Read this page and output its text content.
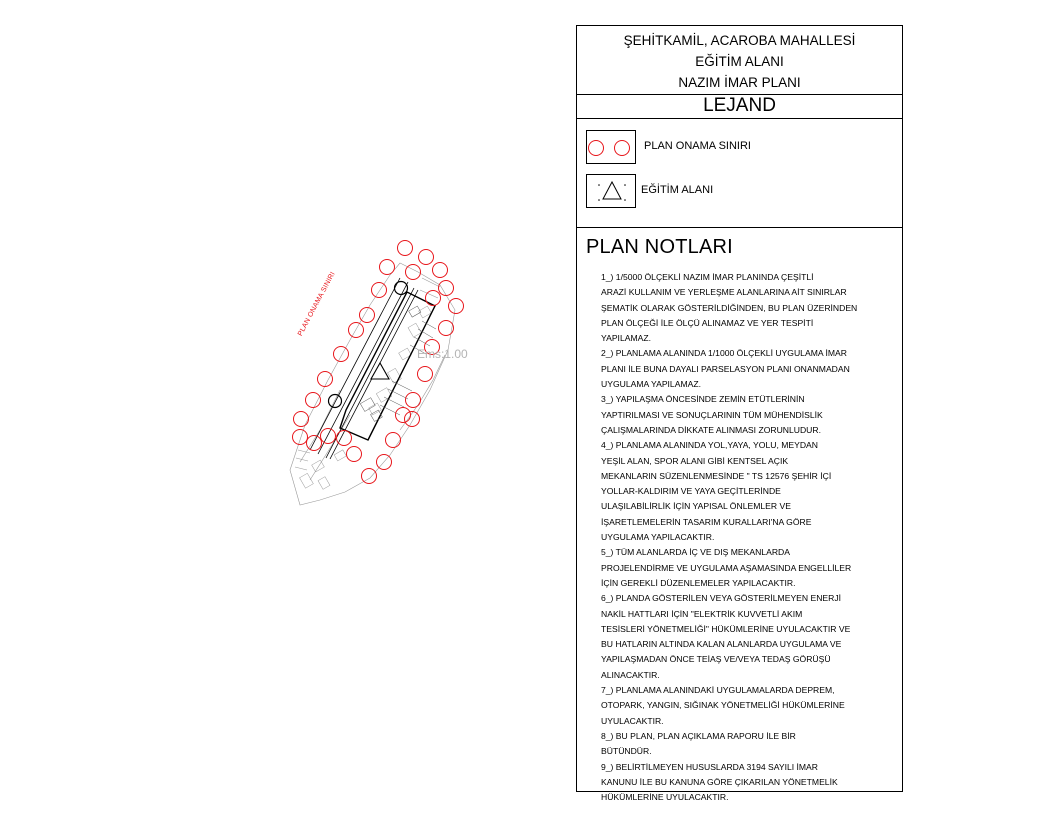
PLAN ONAMA SINIRI
Ems:1.00
ŞEHİTKAMİL, ACAROBA MAHALLESİ
EĞİTİM ALANI
NAZIM İMAR PLANI
LEJAND
PLAN ONAMA SINIRI
EĞİTİM ALANI
PLAN NOTLARI
1_) 1/5000 ÖLÇEKLİ NAZIM İMAR PLANINDA ÇEŞİTLİ
ARAZİ KULLANIM VE YERLEŞME ALANLARINA AİT SINIRLAR
ŞEMATİK OLARAK GÖSTERİLDİĞİNDEN, BU PLAN ÜZERİNDEN
PLAN ÖLÇEĞİ İLE ÖLÇÜ ALINAMAZ VE YER TESPİTİ
YAPILAMAZ.
2_) PLANLAMA ALANINDA 1/1000 ÖLÇEKLİ UYGULAMA İMAR
PLANI İLE BUNA DAYALI PARSELASYON PLANI ONANMADAN
UYGULAMA YAPILAMAZ.
3_) YAPILAŞMA ÖNCESİNDE ZEMİN ETÜTLERİNİN
YAPTIRILMASI VE SONUÇLARININ TÜM MÜHENDİSLİK
ÇALIŞMALARINDA DİKKATE ALINMASI ZORUNLUDUR.
4_) PLANLAMA ALANINDA YOL,YAYA, YOLU, MEYDAN
YEŞİL ALAN, SPOR ALANI GİBİ KENTSEL AÇIK
MEKANLARIN SÜZENLENMESİNDE " TS 12576 ŞEHİR İÇİ
YOLLAR-KALDIRIM VE YAYA GEÇİTLERİNDE
ULAŞILABİLİRLİK İÇİN YAPISAL ÖNLEMLER VE
İŞARETLEMELERİN TASARIM KURALLARI'NA GÖRE
UYGULAMA YAPILACAKTIR.
5_) TÜM ALANLARDA İÇ VE DIŞ MEKANLARDA
PROJELENDİRME VE UYGULAMA AŞAMASINDA ENGELLİLER
İÇİN GEREKLİ DÜZENLEMELER YAPILACAKTIR.
6_) PLANDA GÖSTERİLEN VEYA GÖSTERİLMEYEN ENERJİ
NAKİL HATTLARI İÇİN "ELEKTRİK KUVVETLİ AKIM
TESİSLERİ YÖNETMELİĞİ" HÜKÜMLERİNE UYULACAKTIR VE
BU HATLARIN ALTINDA KALAN ALANLARDA UYGULAMA VE
YAPILAŞMADAN ÖNCE TEİAŞ VE/VEYA TEDAŞ GÖRÜŞÜ
ALINACAKTIR.
7_) PLANLAMA ALANINDAKİ UYGULAMALARDA DEPREM,
OTOPARK, YANGIN, SIĞINAK YÖNETMELİĞİ HÜKÜMLERİNE
UYULACAKTIR.
8_) BU PLAN, PLAN AÇIKLAMA RAPORU İLE BİR
BÜTÜNDÜR.
9_) BELİRTİLMEYEN HUSUSLARDA 3194 SAYILI İMAR
KANUNU İLE BU KANUNA GÖRE ÇIKARILAN YÖNETMELİK
HÜKÜMLERİNE UYULACAKTIR.
